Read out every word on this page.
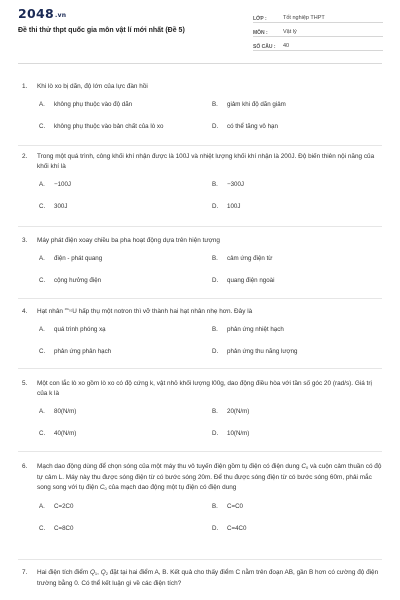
2048.vn
Đề thi thử thpt quốc gia môn vật lí mới nhất (Đề 5)
LỚP :	Tốt nghiệp THPT
MÔN :	Vật lý
SỐ CÂU :	40
1.	Khi lò xo bị dãn, độ lớn của lực đàn hồi
A.	không phụ thuộc vào độ dãn	B.	giảm khi độ dãn giảm
C.	không phụ thuộc vào bản chất của lò xo	D.	có thể tăng vô hạn
2.	Trong một quá trình, công khối khí nhận được là 100J và nhiệt lượng khối khí nhận là 200J. Độ biến thiên nội năng của khối khí là
A.	−100J	B.	−300J
C.	300J	D.	100J
3.	Máy phát điện xoay chiều ba pha hoạt động dựa trên hiện tượng
A.	điện - phát quang	B.	cảm ứng điện từ
C.	cộng hưởng điện	D.	quang điện ngoài
4.	Hạt nhân $^{^{235}_{92}}$U hấp thụ một notron thì vỡ thành hai hạt nhân nhẹ hơn. Đây là
A.	quá trình phóng xạ	B.	phản ứng nhiệt hạch
C.	phản ứng phân hạch	D.	phản ứng thu năng lượng
5.	Một con lắc lò xo gồm lò xo có độ cứng k, vật nhỏ khối lượng l00g, dao động điều hòa với tần số góc 20 (rad/s). Giá trị của k là
A.	80(N/m)	B.	20(N/m)
C.	40(N/m)	D.	10(N/m)
6.	Mạch dao động dùng để chọn sóng của một máy thu vô tuyến điện gồm tụ điện có điện dung $C_0$ và cuộn cảm thuần có độ tự cảm L. Máy này thu được sóng điện từ có bước sóng 20m. Để thu được sóng điện từ có bước sóng 60m, phải mắc song song với tụ điện $C_0$ của mạch dao động một tụ điện có điện dung
A.	C=2C0	B.	C=C0
C.	C=8C0	D.	C=4C0
7.	Hai điện tích điểm $Q_1$, $Q_2$ đặt tại hai điểm A, B. Kết quả cho thấy điểm C nằm trên đoạn AB, gần B hơn có cường độ điện trường bằng 0. Có thể kết luận gì về các điện tích?
